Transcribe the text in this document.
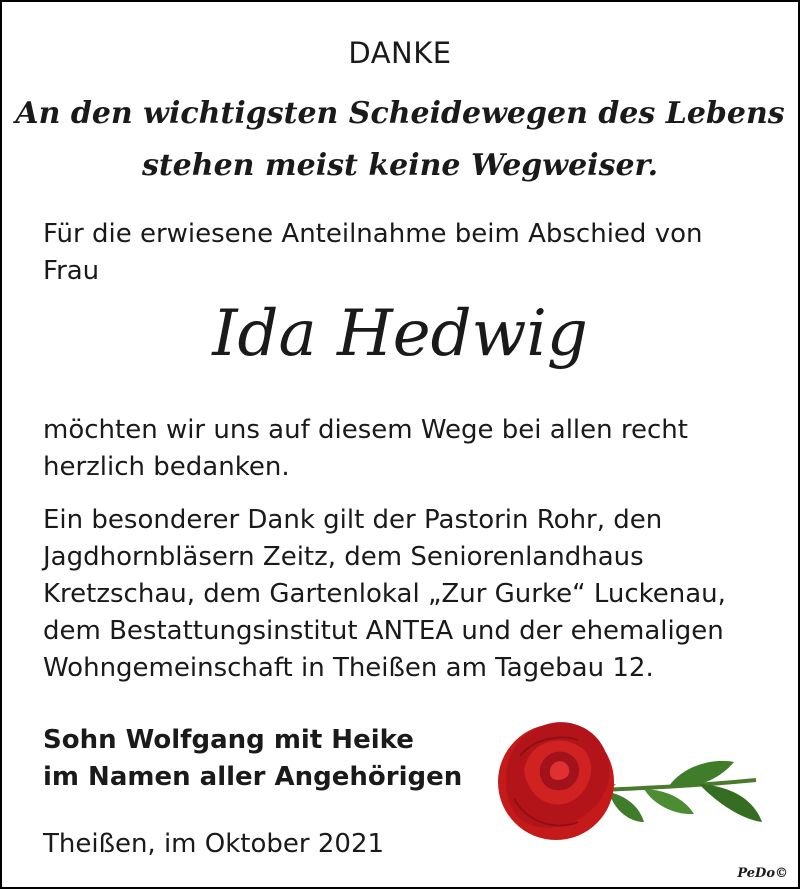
DANKE
An den wichtigsten Scheidewegen des Lebens
stehen meist keine Wegweiser.
Für die erwiesene Anteilnahme beim Abschied von
Frau
Ida Hedwig
möchten wir uns auf diesem Wege bei allen recht
herzlich bedanken.
Ein besonderer Dank gilt der Pastorin Rohr, den
Jagdhornbläsern Zeitz, dem Seniorenlandhaus
Kretzschau, dem Gartenlokal „Zur Gurke“ Luckenau,
dem Bestattungsinstitut ANTEA und der ehemaligen
Wohngemeinschaft in Theißen am Tagebau 12.
Sohn Wolfgang mit Heike
im Namen aller Angehörigen
Theißen, im Oktober 2021
PeDo©
